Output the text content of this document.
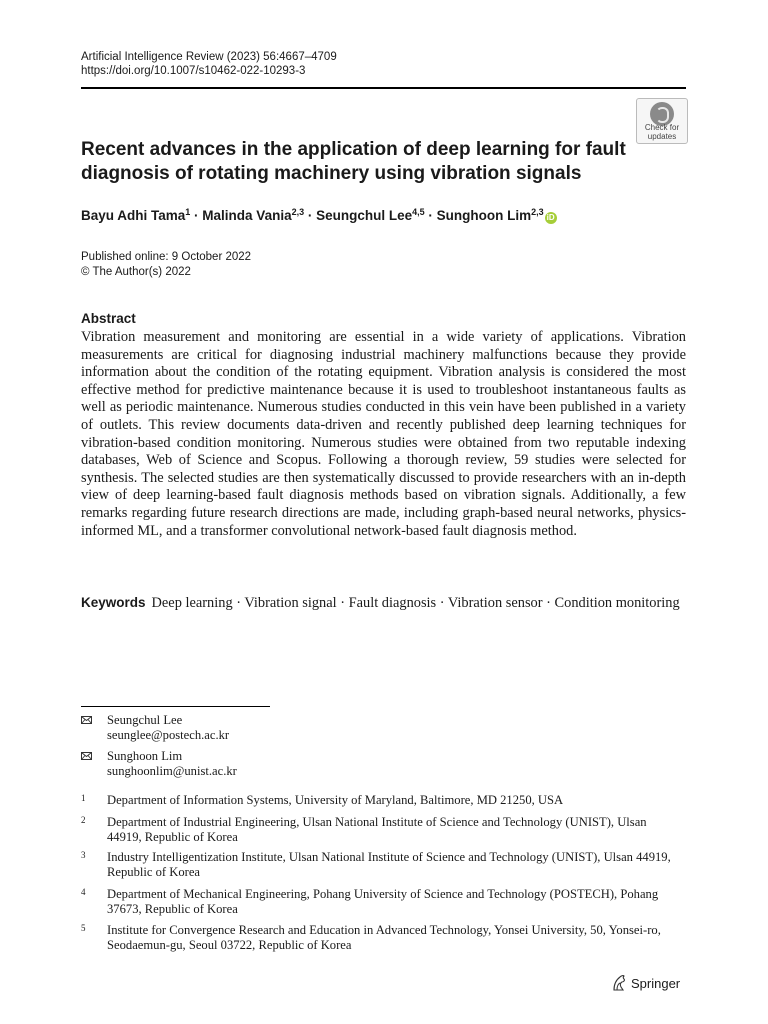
Artificial Intelligence Review (2023) 56:4667–4709
https://doi.org/10.1007/s10462-022-10293-3
Check for
updates
Recent advances in the application of deep learning for fault diagnosis of rotating machinery using vibration signals
Bayu Adhi Tama$^1$ · Malinda Vania$^{2,3}$ · Seungchul Lee$^{4,5}$ · Sunghoon Lim$^{2,3}$iD
Published online: 9 October 2022
© The Author(s) 2022
Abstract

Vibration measurement and monitoring are essential in a wide variety of applications. Vibration measurements are critical for diagnosing industrial machinery malfunctions because they provide information about the condition of the rotating equipment. Vibration analysis is considered the most effective method for predictive maintenance because it is used to troubleshoot instantaneous faults as well as periodic maintenance. Numerous studies conducted in this vein have been published in a variety of outlets. This review documents data-driven and recently published deep learning techniques for vibration-based condition monitoring. Numerous studies were obtained from two reputable indexing databases, Web of Science and Scopus. Following a thorough review, 59 studies were selected for synthesis. The selected studies are then systematically discussed to provide researchers with an in-depth view of deep learning-based fault diagnosis methods based on vibration signals. Additionally, a few remarks regarding future research directions are made, including graph-based neural networks, physics-informed ML, and a transformer convolutional network-based fault diagnosis method.

Keywords Deep learning · Vibration signal · Fault diagnosis · Vibration sensor · Condition monitoring
Seungchul Lee
seunglee@postech.ac.kr
Sunghoon Lim
sunghoonlim@unist.ac.kr
1 Department of Information Systems, University of Maryland, Baltimore, MD 21250, USA
2 Department of Industrial Engineering, Ulsan National Institute of Science and Technology (UNIST), Ulsan 44919, Republic of Korea
3 Industry Intelligentization Institute, Ulsan National Institute of Science and Technology (UNIST), Ulsan 44919, Republic of Korea
4 Department of Mechanical Engineering, Pohang University of Science and Technology (POSTECH), Pohang 37673, Republic of Korea
5 Institute for Convergence Research and Education in Advanced Technology, Yonsei University, 50, Yonsei-ro, Seodaemun-gu, Seoul 03722, Republic of Korea
Springer
